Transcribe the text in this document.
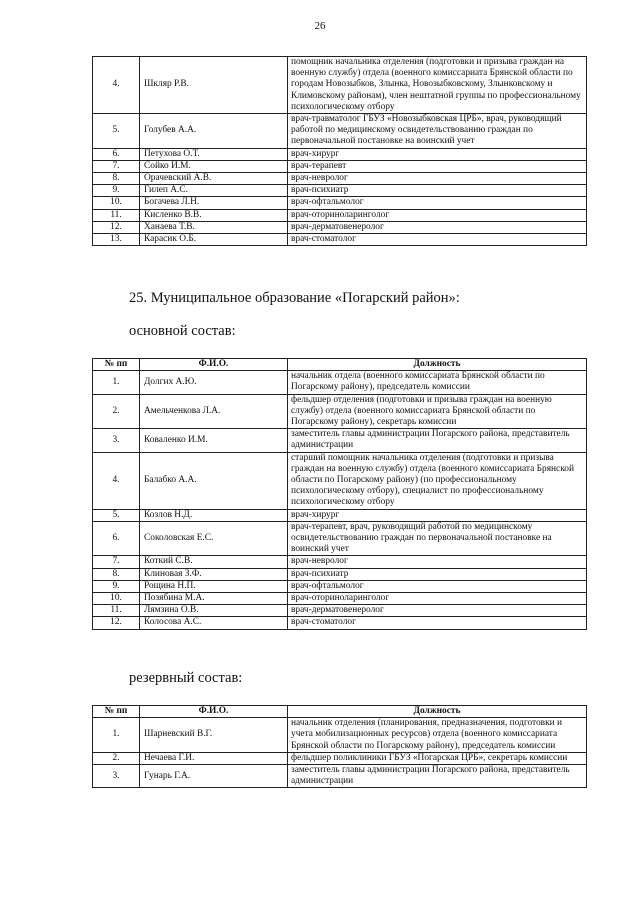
26
4.	Шкляр Р.В.	помощник начальника отделения (подготовки и призыва граждан на военную службу) отдела (военного комиссариата Брянской области по городам Новозыбков, Злынка, Новозыбковскому, Злынковскому и Климовскому районам), член нештатной группы по профессиональному психологическому отбору
5.	Голубев А.А.	врач-травматолог ГБУЗ «Новозыбковская ЦРБ», врач, руководящий работой по медицинскому освидетельствованию граждан по первоначальной постановке на воинский учет
6.	Петухова О.Т.	врач-хирург
7.	Сойко И.М.	врач-терапевт
8.	Орачевский А.В.	врач-невролог
9.	Гилеп А.С.	врач-психиатр
10.	Богачева Л.Н.	врач-офтальмолог
11.	Кисленко В.В.	врач-оториноларинголог
12.	Ханаева Т.В.	врач-дерматовенеролог
13.	Карасик О.Б.	врач-стоматолог
25. Муниципальное образование «Погарский район»:
основной состав:
№ пп	Ф.И.О.	Должность
1.	Долгих А.Ю.	начальник отдела (военного комиссариата Брянской области по Погарскому району), председатель комиссии
2.	Амельченкова Л.А.	фельдшер отделения (подготовки и призыва граждан на военную службу) отдела (военного комиссариата Брянской области по Погарскому району), секретарь комиссии
3.	Коваленко И.М.	заместитель главы администрации Погарского района, представитель администрации
4.	Балабко А.А.	старший помощник начальника отделения (подготовки и призыва граждан на военную службу) отдела (военного комиссариата Брянской области по Погарскому району) (по профессиональному психологическому отбору), специалист по профессиональному психологическому отбору
5.	Козлов Н.Д.	врач-хирург
6.	Соколовская Е.С.	врач-терапевт, врач, руководящий работой по медицинскому освидетельствованию граждан по первоначальной постановке на воинский учет
7.	Коткий С.В.	врач-невролог
8.	Клиновая З.Ф.	врач-психиатр
9.	Рощина Н.П.	врач-офтальмолог
10.	Позябина М.А.	врач-оториноларинголог
11.	Лямзина О.В.	врач-дерматовенеролог
12.	Колосова А.С.	врач-стоматолог
резервный состав:
№ пп	Ф.И.О.	Должность
1.	Шарневский В.Г.	начальник отделения (планирования, предназначения, подготовки и учета мобилизационных ресурсов) отдела (военного комиссариата Брянской области по Погарскому району), председатель комиссии
2.	Нечаева Г.И.	фельдшер поликлиники ГБУЗ «Погарская ЦРБ», секретарь комиссии
3.	Гунарь Г.А.	заместитель главы администрации Погарского района, представитель администрации
